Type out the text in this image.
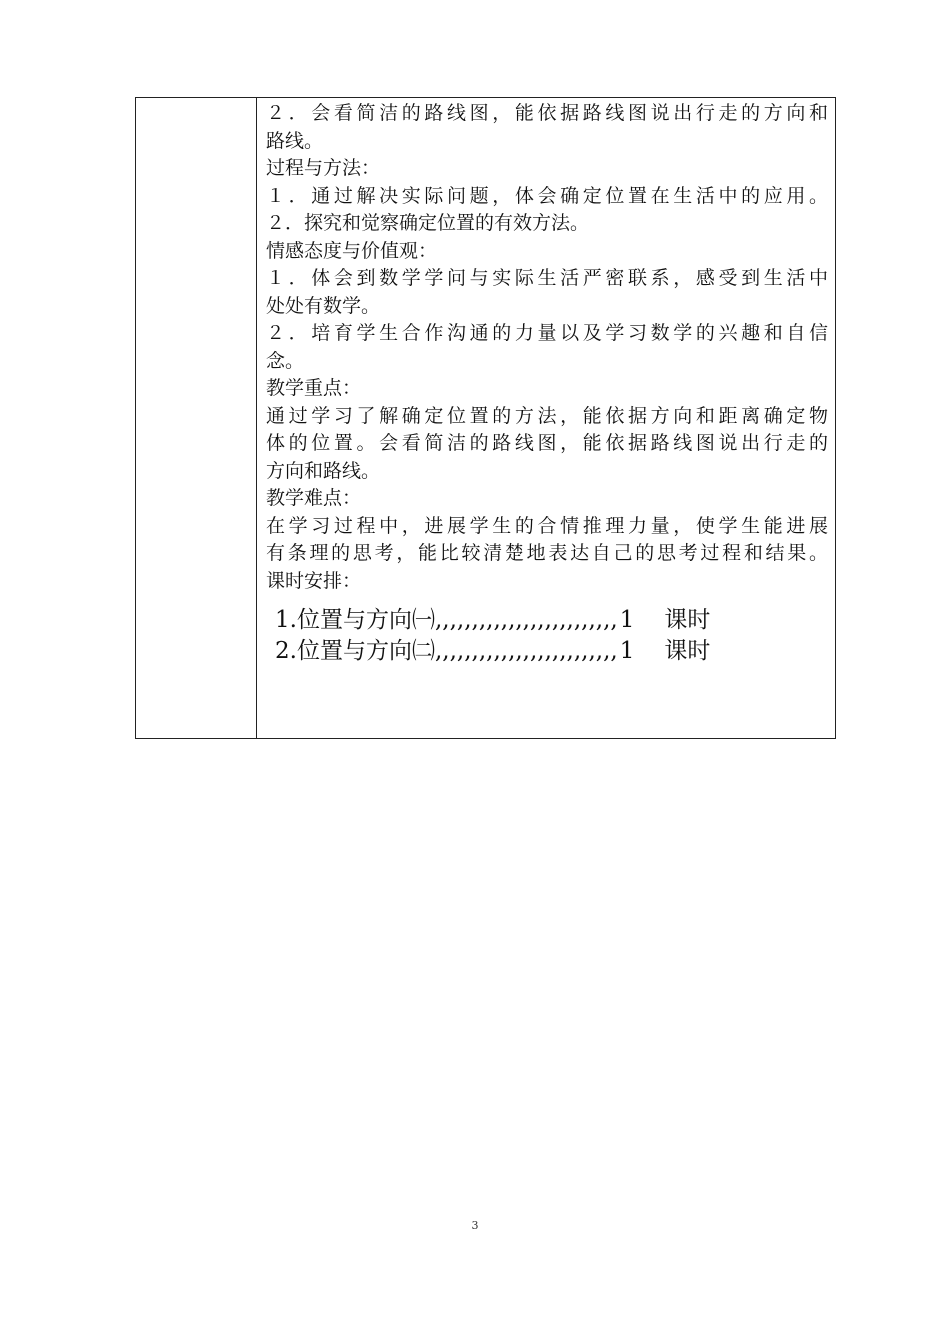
２．会看简洁的路线图，能依据路线图说出行走的方向和
路线。
过程与方法：
１．通过解决实际问题，体会确定位置在生活中的应用。
２．探究和觉察确定位置的有效方法。
情感态度与价值观：
１．体会到数学学问与实际生活严密联系，感受到生活中
处处有数学。
２．培育学生合作沟通的力量以及学习数学的兴趣和自信
念。
教学重点：
通过学习了解确定位置的方法，能依据方向和距离确定物
体的位置。会看简洁的路线图，能依据路线图说出行走的
方向和路线。
教学难点：
在学习过程中，进展学生的合情推理力量，使学生能进展
有条理的思考，能比较清楚地表达自己的思考过程和结果。
课时安排：
1.位置与方向㈠,,,,,,,,,,,,,,,,,,,,,,,,,1 课时
2.位置与方向㈡,,,,,,,,,,,,,,,,,,,,,,,,,1 课时
3
